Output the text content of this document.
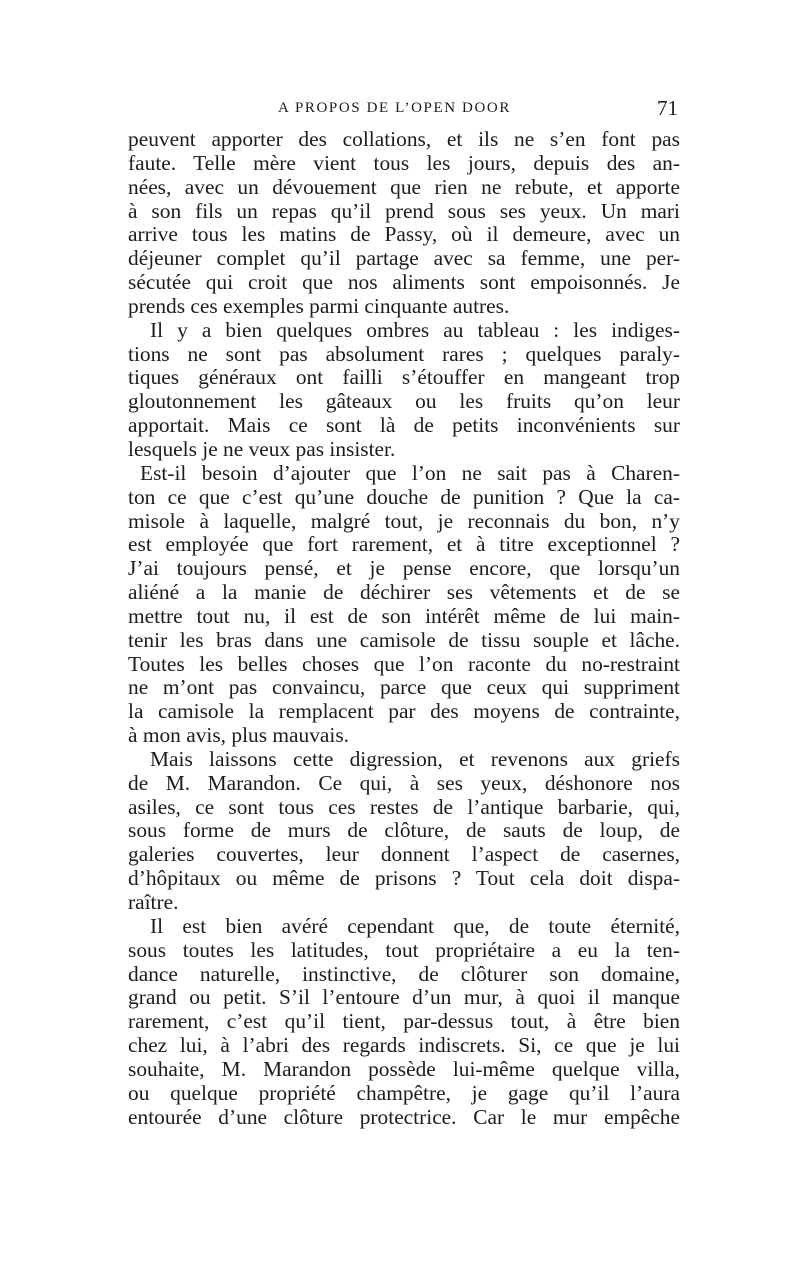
A PROPOS DE L’OPEN DOOR	71
peuvent apporter des collations, et ils ne s’en font pas
faute. Telle mère vient tous les jours, depuis des an-
nées, avec un dévouement que rien ne rebute, et apporte
à son fils un repas qu’il prend sous ses yeux. Un mari
arrive tous les matins de Passy, où il demeure, avec un
déjeuner complet qu’il partage avec sa femme, une per-
sécutée qui croit que nos aliments sont empoisonnés. Je
prends ces exemples parmi cinquante autres.
Il y a bien quelques ombres au tableau : les indiges-
tions ne sont pas absolument rares ; quelques paraly-
tiques généraux ont failli s’étouffer en mangeant trop
gloutonnement les gâteaux ou les fruits qu’on leur
apportait. Mais ce sont là de petits inconvénients sur
lesquels je ne veux pas insister.
Est-il besoin d’ajouter que l’on ne sait pas à Charen-
ton ce que c’est qu’une douche de punition ? Que la ca-
misole à laquelle, malgré tout, je reconnais du bon, n’y
est employée que fort rarement, et à titre exceptionnel ?
J’ai toujours pensé, et je pense encore, que lorsqu’un
aliéné a la manie de déchirer ses vêtements et de se
mettre tout nu, il est de son intérêt même de lui main-
tenir les bras dans une camisole de tissu souple et lâche.
Toutes les belles choses que l’on raconte du no-restraint
ne m’ont pas convaincu, parce que ceux qui suppriment
la camisole la remplacent par des moyens de contrainte,
à mon avis, plus mauvais.
Mais laissons cette digression, et revenons aux griefs
de M. Marandon. Ce qui, à ses yeux, déshonore nos
asiles, ce sont tous ces restes de l’antique barbarie, qui,
sous forme de murs de clôture, de sauts de loup, de
galeries couvertes, leur donnent l’aspect de casernes,
d’hôpitaux ou même de prisons ? Tout cela doit dispa-
raître.
Il est bien avéré cependant que, de toute éternité,
sous toutes les latitudes, tout propriétaire a eu la ten-
dance naturelle, instinctive, de clôturer son domaine,
grand ou petit. S’il l’entoure d’un mur, à quoi il manque
rarement, c’est qu’il tient, par-dessus tout, à être bien
chez lui, à l’abri des regards indiscrets. Si, ce que je lui
souhaite, M. Marandon possède lui-même quelque villa,
ou quelque propriété champêtre, je gage qu’il l’aura
entourée d’une clôture protectrice. Car le mur empêche
